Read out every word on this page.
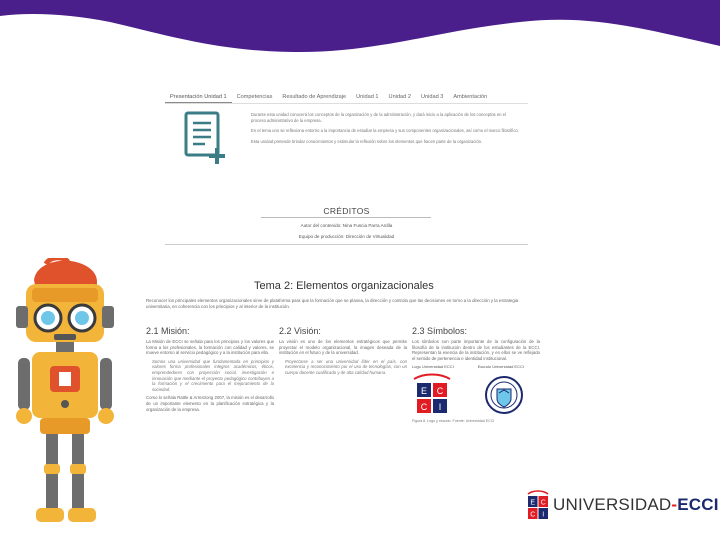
Presentación Unidad 1	Competencias	Resultado de Aprendizaje	Unidad 1	Unidad 2	Unidad 3	Ambientación

Durante esta unidad conocerá los conceptos de la organización y de la administración, y dará inicio a la aplicación de los conceptos en el proceso administrativo de la empresa.

En el tema uno se reflexiona entorno a la importancia de estudiar la empresa y sus componentes organizacionales, así como el marco filosófico.

Esta unidad pretende brindar conocimientos y estimular la reflexión sobre los elementos que hacen parte de la organización.

CRÉDITOS
Autor del contenido: Nina Fuscia Parra Ardila
Equipo de producción: Dirección de Virtualidad
Tema 2: Elementos organizacionales
Reconocer los principales elementos organizacionales sirve de plataforma para que la formación que se planea, la dirección y controla que las decisiones en torno a la dirección y la estrategia universitaria, en coherencia con los principios y al interior de la institución.
2.1 Misión:

La Misión de ECCI se señala para los principios y los valores que forma a los profesionales, la formación con calidad y valores, se mueve entorno al servicio pedagógico y a la institución para ella.

Somos una universidad que fundamentada en principios y valores forma profesionales integros académicos, éticos, emprendedores con proyección social, investigación e innovación que mediante el proyecto pedagógico contribuyen a la formación y el crecimiento para el mejoramiento de la sociedad.

Como lo señala Rattle & Armstrong 2007, la misión es el desarrollo de un importante elemento en la planificación estratégica y la organización de la empresa.

2.2 Visión:

La visión es uno de los elementos estratégicos que permite proyectar el modelo organizacional, la imagen deseada de la institución en el futuro y de la universidad.

Proyectarse a ser una universidad líder en el país, con excelencia y reconocimiento por el uso de tecnologías, con un cuerpo docente cualificado y de alta calidad humana.

2.3 Símbolos:

Los símbolos son parte importante de la configuración de la filosofía de la institución dentro de los estudiantes de la ECCI. Representan la esencia de la institución, y en ellos se ve reflejado el sentido de pertenencia e identidad institucional.

Logo Universidad ECCI	Escudo Universidad ECCI
E C
C I
Figura 8. Logo y escudo. Fuente: Universidad ECCI
E C
C I
UNIVERSIDAD-ECCI
